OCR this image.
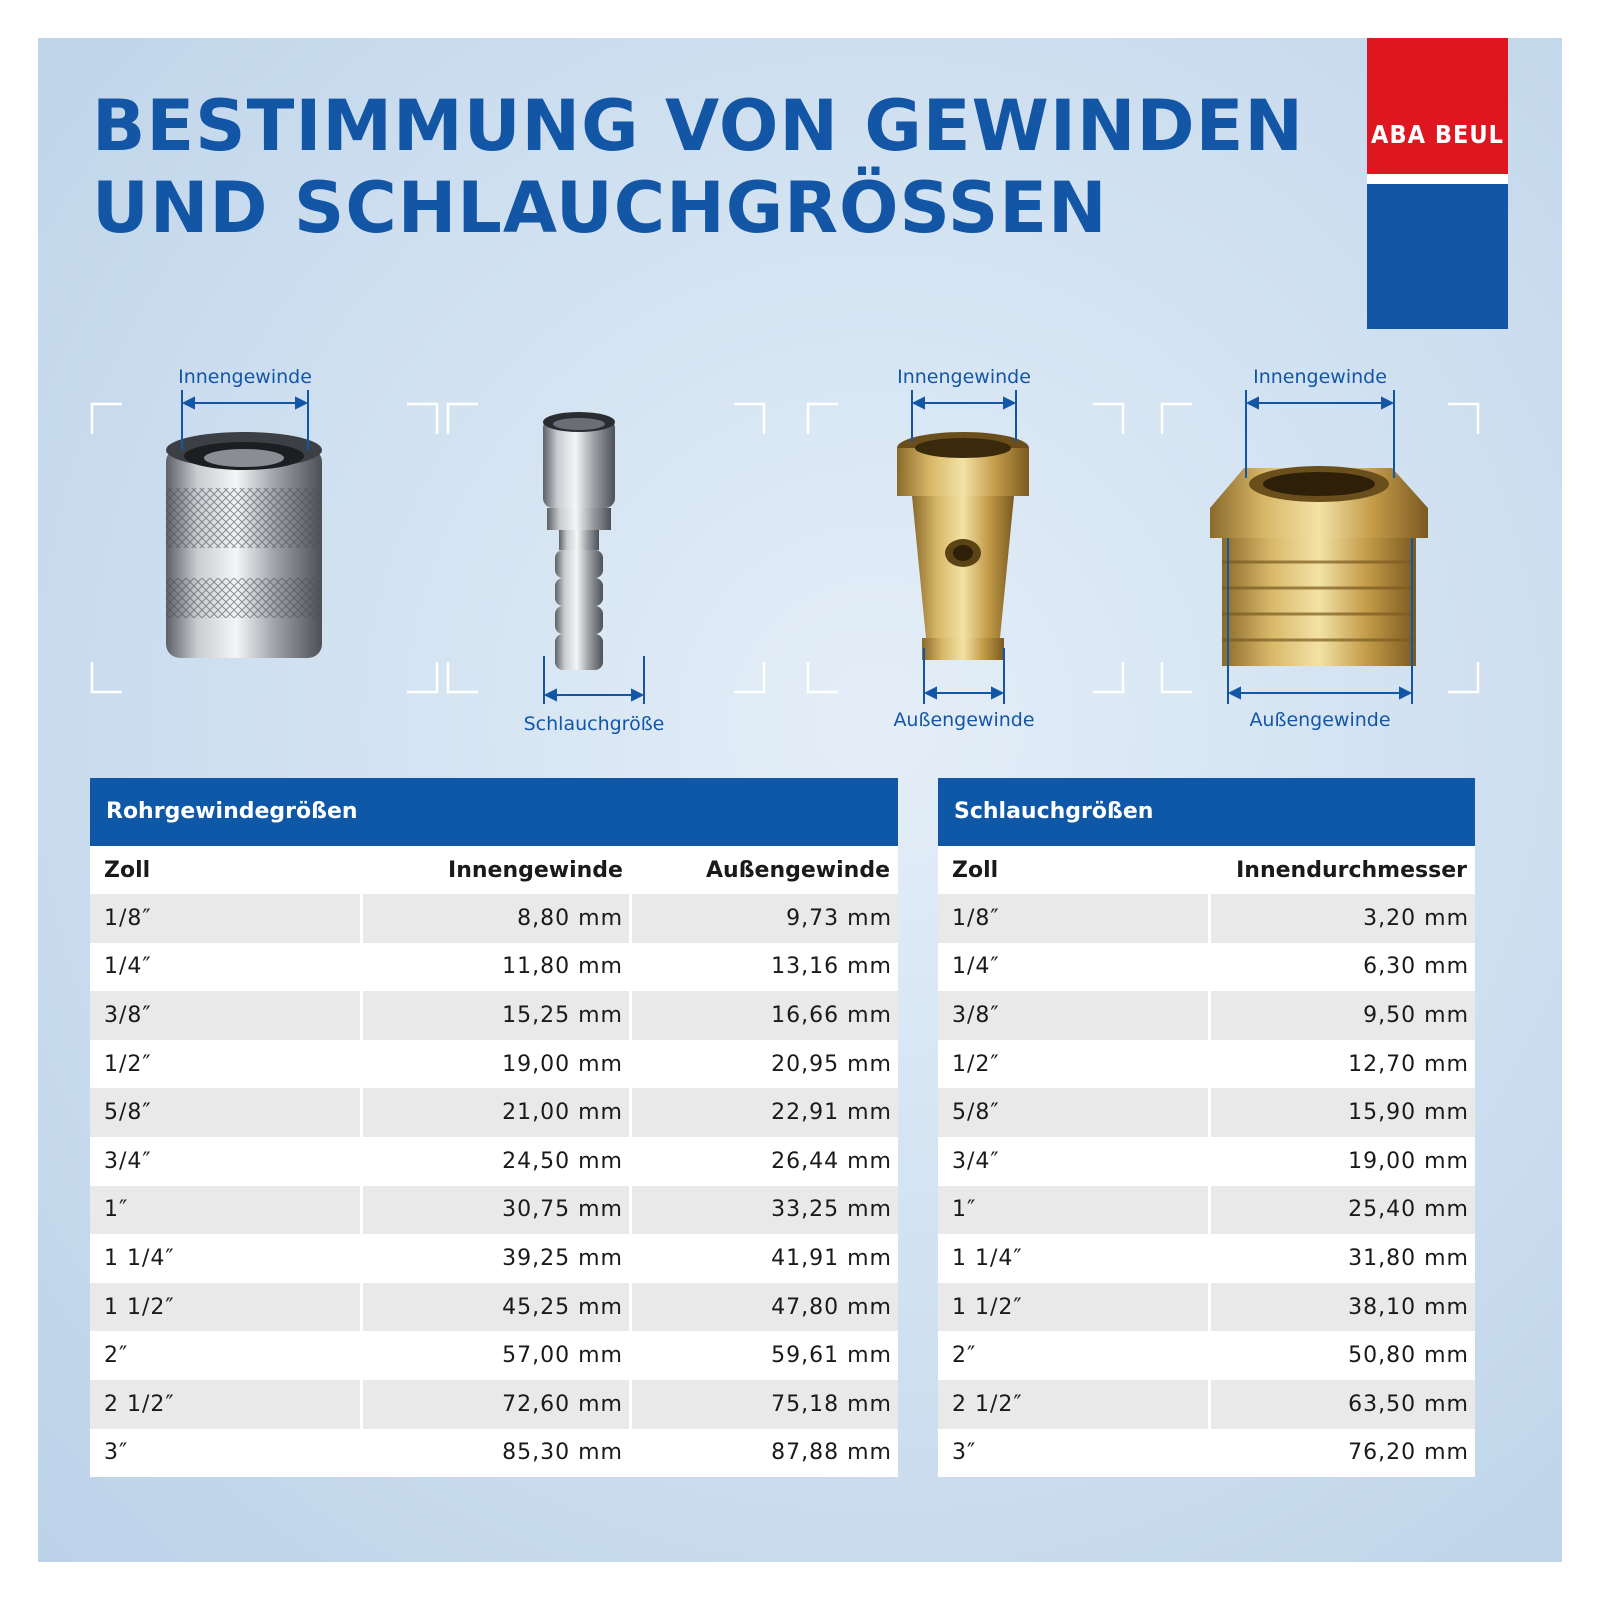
BESTIMMUNG VON GEWINDEN
UND SCHLAUCHGRÖSSEN
ABA BEUL
Innengewinde
Schlauchgröße
Innengewinde
Außengewinde
Innengewinde
Außengewinde
Rohrgewindegrößen
Zoll	Innengewinde	Außengewinde
1/8″	8,80 mm	9,73 mm
1/4″	11,80 mm	13,16 mm
3/8″	15,25 mm	16,66 mm
1/2″	19,00 mm	20,95 mm
5/8″	21,00 mm	22,91 mm
3/4″	24,50 mm	26,44 mm
1″	30,75 mm	33,25 mm
1 1/4″	39,25 mm	41,91 mm
1 1/2″	45,25 mm	47,80 mm
2″	57,00 mm	59,61 mm
2 1/2″	72,60 mm	75,18 mm
3″	85,30 mm	87,88 mm
Schlauchgrößen
Zoll	Innendurchmesser
1/8″	3,20 mm
1/4″	6,30 mm
3/8″	9,50 mm
1/2″	12,70 mm
5/8″	15,90 mm
3/4″	19,00 mm
1″	25,40 mm
1 1/4″	31,80 mm
1 1/2″	38,10 mm
2″	50,80 mm
2 1/2″	63,50 mm
3″	76,20 mm
